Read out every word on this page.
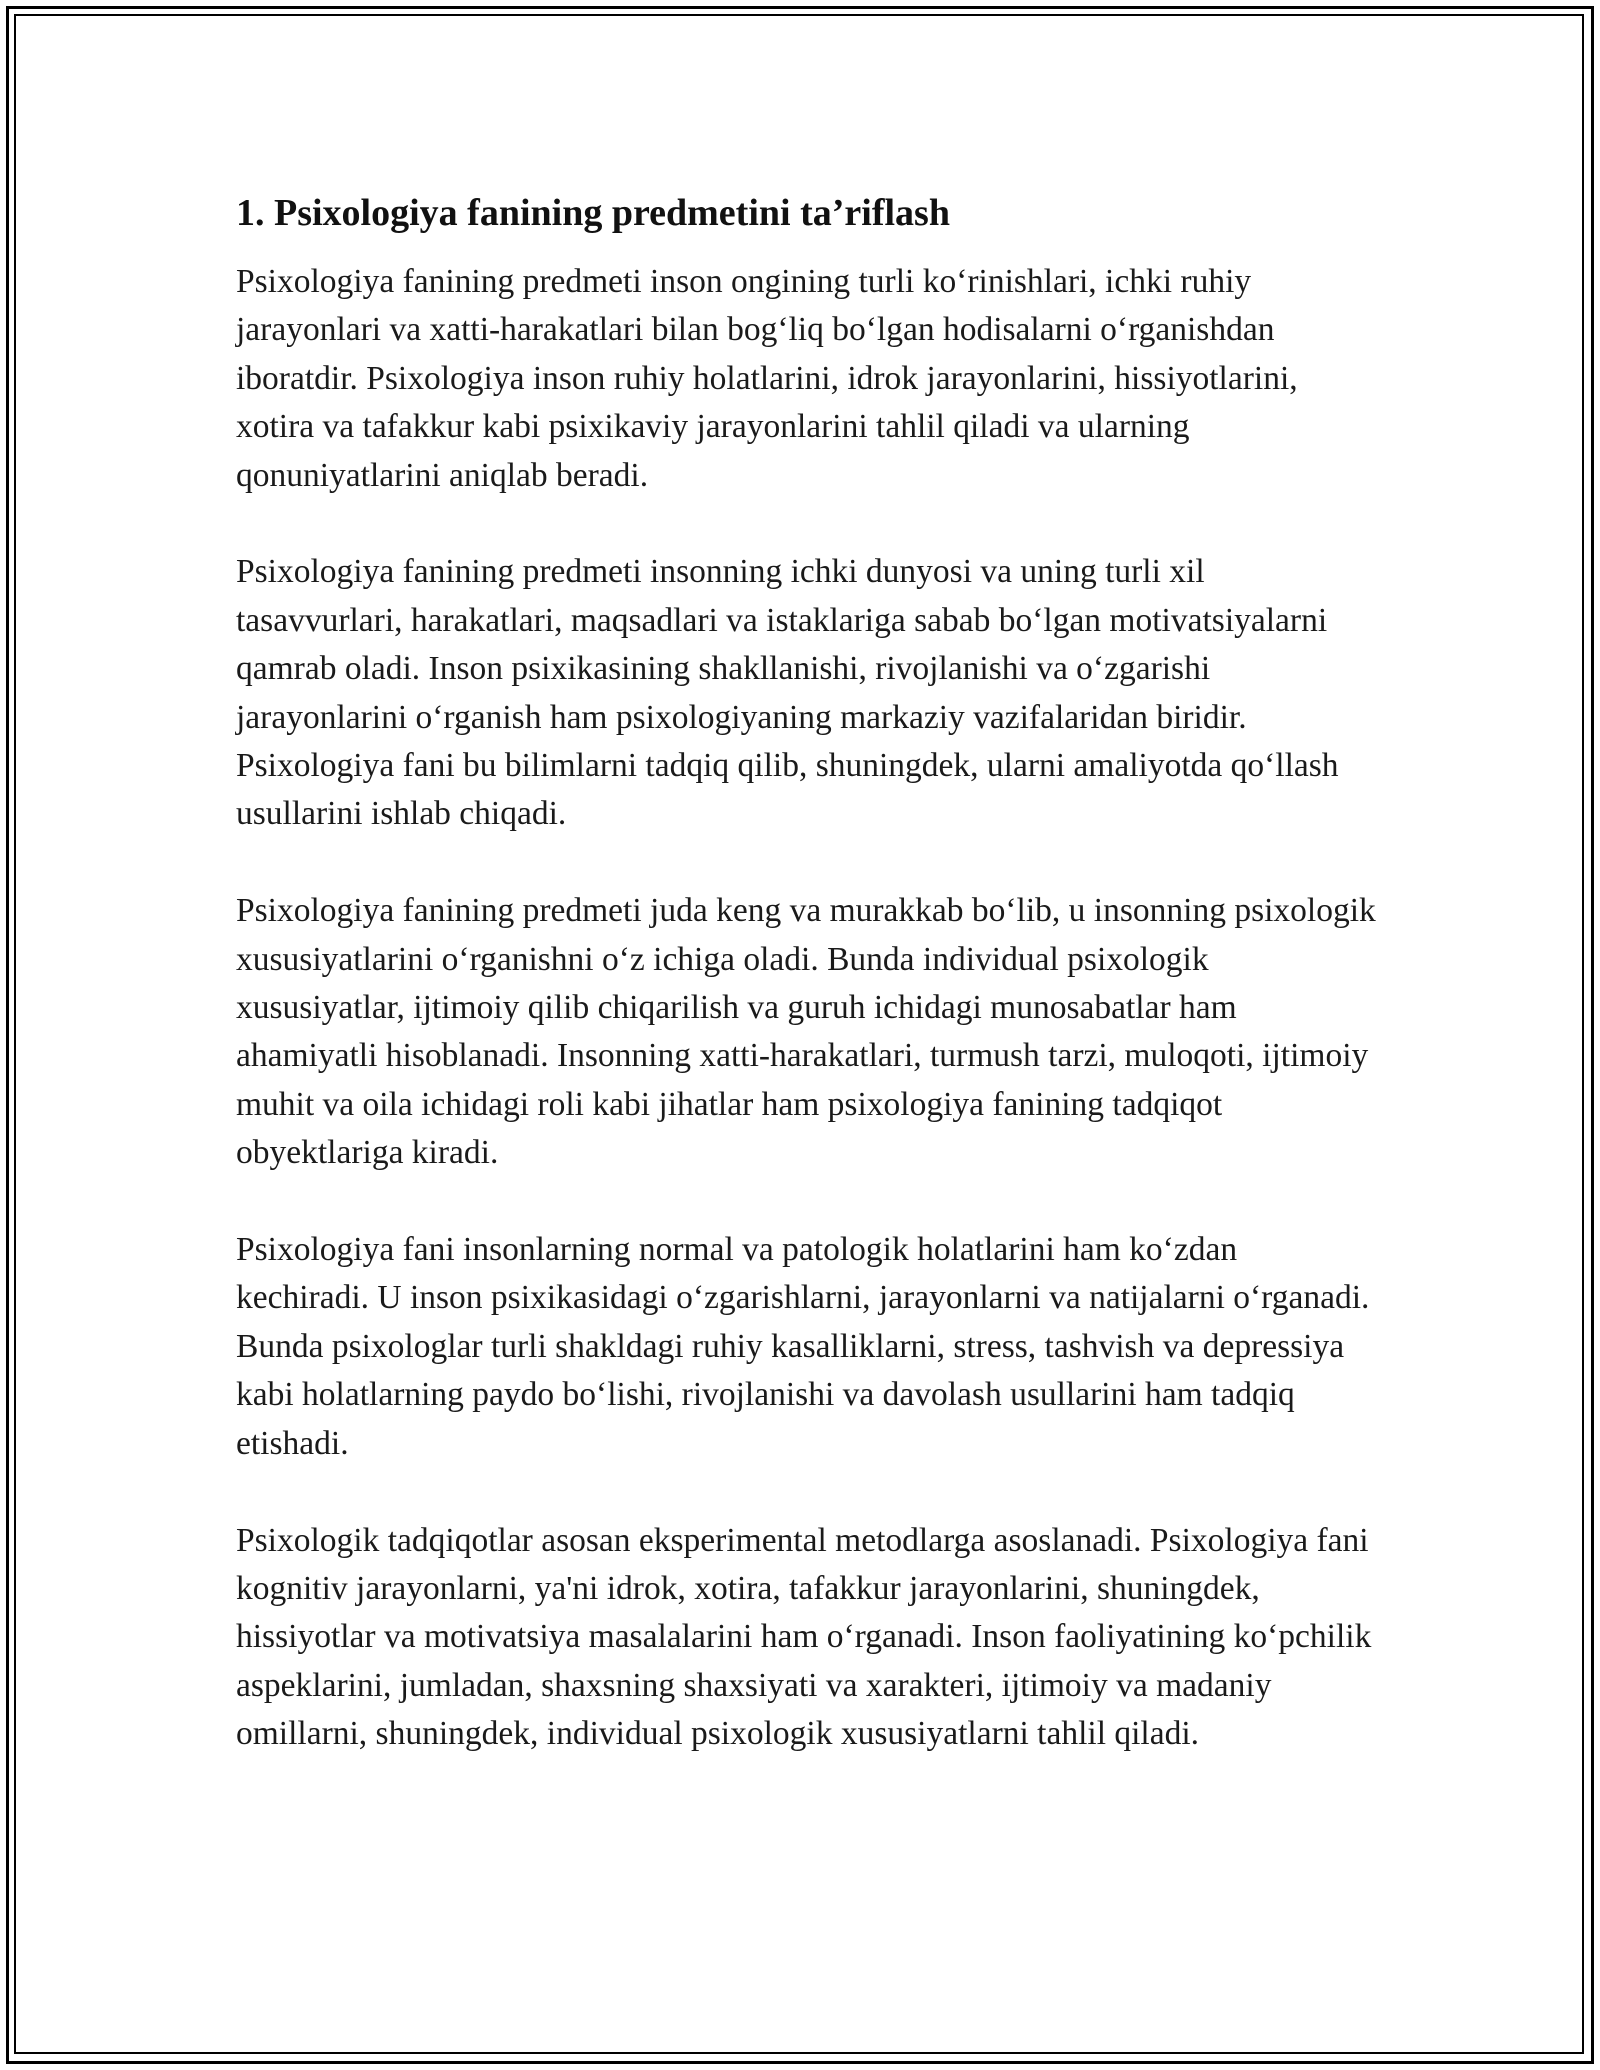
1. Psixologiya fanining predmetini ta’riflash

Psixologiya fanining predmeti inson ongining turli ko‘rinishlari, ichki ruhiy jarayonlari va xatti-harakatlari bilan bog‘liq bo‘lgan hodisalarni o‘rganishdan iboratdir. Psixologiya inson ruhiy holatlarini, idrok jarayonlarini, hissiyotlarini, xotira va tafakkur kabi psixikaviy jarayonlarini tahlil qiladi va ularning qonuniyatlarini aniqlab beradi.

Psixologiya fanining predmeti insonning ichki dunyosi va uning turli xil tasavvurlari, harakatlari, maqsadlari va istaklariga sabab bo‘lgan motivatsiyalarni qamrab oladi. Inson psixikasining shakllanishi, rivojlanishi va o‘zgarishi jarayonlarini o‘rganish ham psixologiyaning markaziy vazifalaridan biridir. Psixologiya fani bu bilimlarni tadqiq qilib, shuningdek, ularni amaliyotda qo‘llash usullarini ishlab chiqadi.

Psixologiya fanining predmeti juda keng va murakkab bo‘lib, u insonning psixologik xususiyatlarini o‘rganishni o‘z ichiga oladi. Bunda individual psixologik xususiyatlar, ijtimoiy qilib chiqarilish va guruh ichidagi munosabatlar ham ahamiyatli hisoblanadi. Insonning xatti-harakatlari, turmush tarzi, muloqoti, ijtimoiy muhit va oila ichidagi roli kabi jihatlar ham psixologiya fanining tadqiqot obyektlariga kiradi.

Psixologiya fani insonlarning normal va patologik holatlarini ham ko‘zdan kechiradi. U inson psixikasidagi o‘zgarishlarni, jarayonlarni va natijalarni o‘rganadi. Bunda psixologlar turli shakldagi ruhiy kasalliklarni, stress, tashvish va depressiya kabi holatlarning paydo bo‘lishi, rivojlanishi va davolash usullarini ham tadqiq etishadi.

Psixologik tadqiqotlar asosan eksperimental metodlarga asoslanadi. Psixologiya fani kognitiv jarayonlarni, ya'ni idrok, xotira, tafakkur jarayonlarini, shuningdek, hissiyotlar va motivatsiya masalalarini ham o‘rganadi. Inson faoliyatining ko‘pchilik aspeklarini, jumladan, shaxsning shaxsiyati va xarakteri, ijtimoiy va madaniy omillarni, shuningdek, individual psixologik xususiyatlarni tahlil qiladi.
